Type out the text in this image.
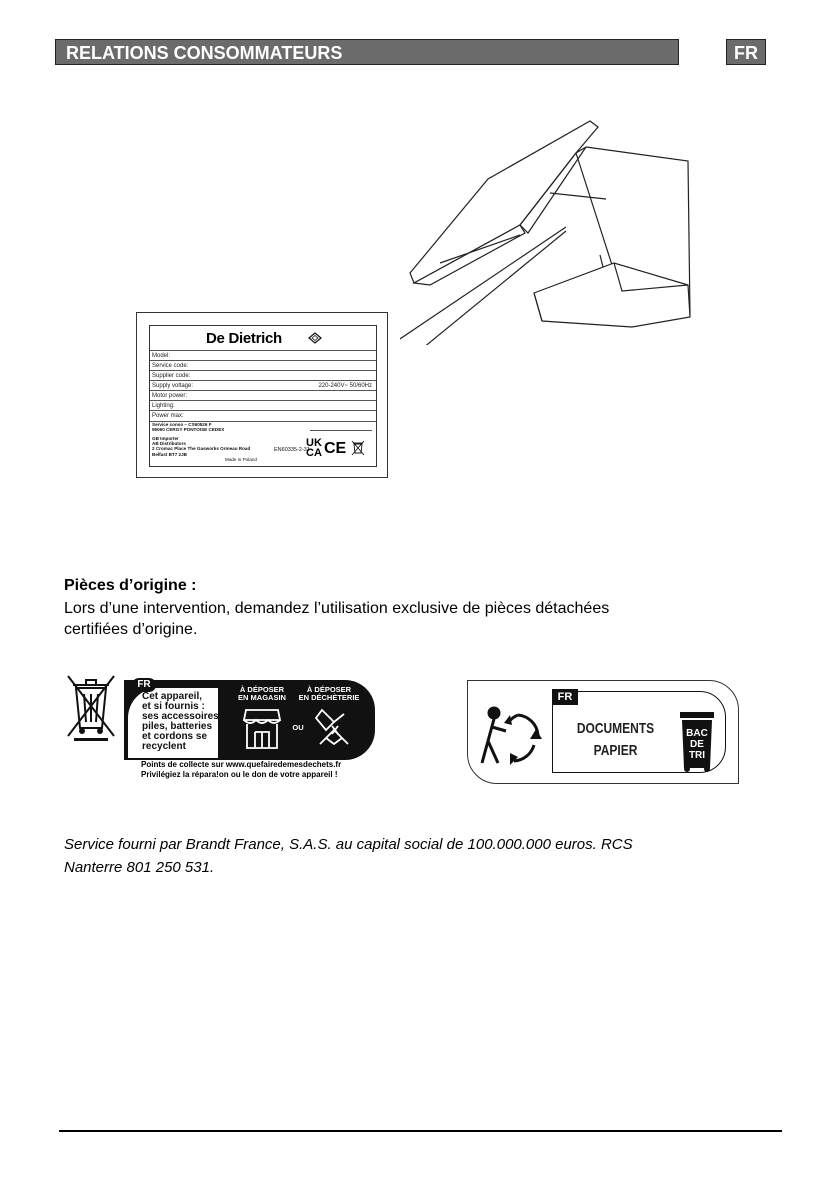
RELATIONS CONSOMMATEURS	FR
De Dietrich
Model:
Service code:
Supplier code:
Supply voltage:	220-240V~ 50/60Hz
Motor power:
Lighting:
Power max:
Service conso – CS60526 F
95060 CERGY PONTOISE CEDEX
GB Importer
AB Distributors
2 Cromac Place The Gasworks Ormeau Road
Belfast BT7 2JB
Made in Poland
EN60335-2-31
UK
CA CE
Pièces d’origine :
Lors d’une intervention, demandez l’utilisation exclusive de pièces détachées
certifiées d’origine.
FR
Cet appareil,
et si fournis :
ses accessoires,
piles, batteries
et cordons se
recyclent
À DÉPOSER
EN MAGASIN
À DÉPOSER
EN DÉCHÈTERIE
OU
Points de collecte sur www.quefairedemesdechets.fr
Privilégiez la répara!on ou le don de votre appareil !
FR
DOCUMENTS
PAPIER
BAC
DE
TRI
Service fourni par Brandt France, S.A.S. au capital social de 100.000.000 euros. RCS
Nanterre 801 250 531.
